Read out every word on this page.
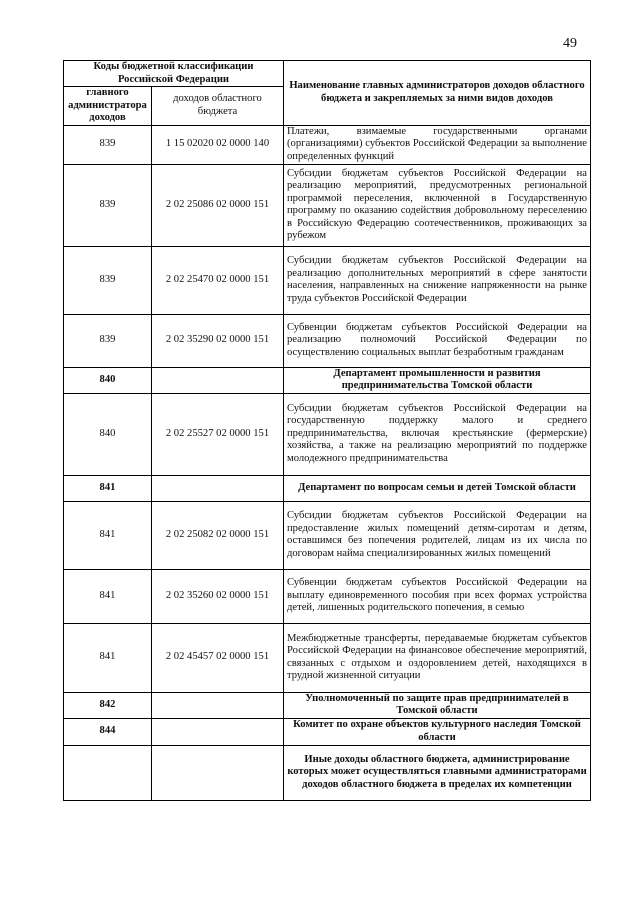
49
Коды бюджетной классификации Российской Федерации		Наименование главных администраторов доходов областного бюджета и закрепляемых за ними видов доходов
главного администратора доходов	доходов областного бюджета	
839	1 15 02020 02 0000 140	Платежи, взимаемые государственными органами (организациями) субъектов Российской Федерации за выполнение определенных функций
839	2 02 25086 02 0000 151	Субсидии бюджетам субъектов Российской Федерации на реализацию мероприятий, предусмотренных региональной программой переселения, включенной в Государственную программу по оказанию содействия добровольному переселению в Российскую Федерацию соотечественников, проживающих за рубежом
839	2 02 25470 02 0000 151	Субсидии бюджетам субъектов Российской Федерации на реализацию дополнительных мероприятий в сфере занятости населения, направленных на снижение напряженности на рынке труда субъектов Российской Федерации
839	2 02 35290 02 0000 151	Субвенции бюджетам субъектов Российской Федерации на реализацию полномочий Российской Федерации по осуществлению социальных выплат безработным гражданам
840		Департамент промышленности и развития предпринимательства Томской области
840	2 02 25527 02 0000 151	Субсидии бюджетам субъектов Российской Федерации на государственную поддержку малого и среднего предпринимательства, включая крестьянские (фермерские) хозяйства, а также на реализацию мероприятий по поддержке молодежного предпринимательства
841		Департамент по вопросам семьи и детей Томской области
841	2 02 25082 02 0000 151	Субсидии бюджетам субъектов Российской Федерации на предоставление жилых помещений детям-сиротам и детям, оставшимся без попечения родителей, лицам из их числа по договорам найма специализированных жилых помещений
841	2 02 35260 02 0000 151	Субвенции бюджетам субъектов Российской Федерации на выплату единовременного пособия при всех формах устройства детей, лишенных родительского попечения, в семью
841	2 02 45457 02 0000 151	Межбюджетные трансферты, передаваемые бюджетам субъектов Российской Федерации на финансовое обеспечение мероприятий, связанных с отдыхом и оздоровлением детей, находящихся в трудной жизненной ситуации
842		Уполномоченный по защите прав предпринимателей в Томской области
844		Комитет по охране объектов культурного наследия Томской области
		Иные доходы областного бюджета, администрирование которых может осуществляться главными администраторами доходов областного бюджета в пределах их компетенции
